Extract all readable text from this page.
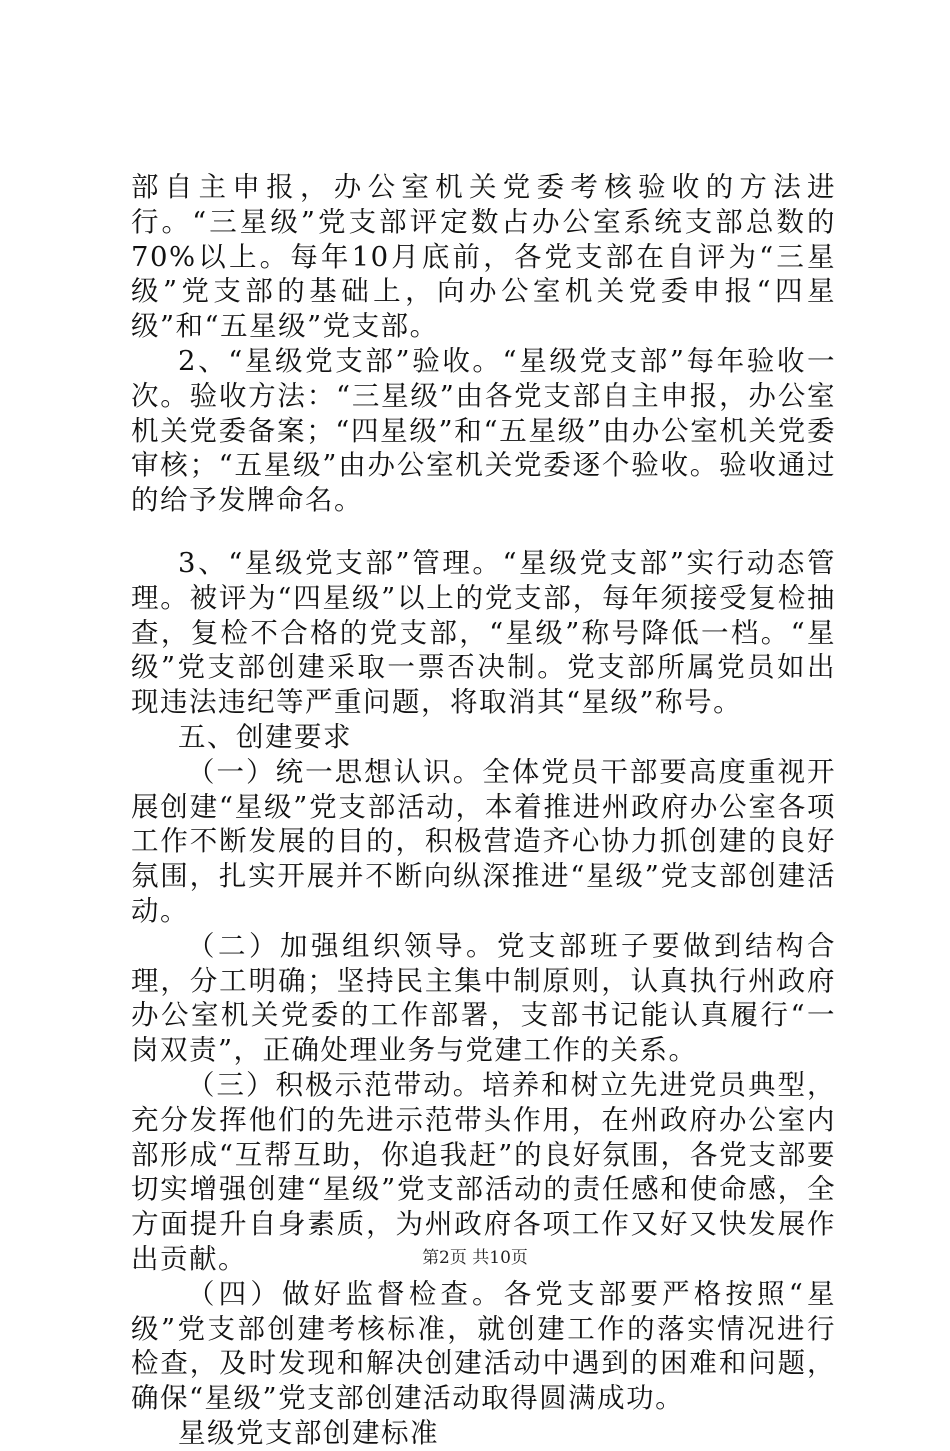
部自主申报，办公室机关党委考核验收的方法进行。“三星级”党支部评定数占办公室系统支部总数的70%以上。每年10月底前，各党支部在自评为“三星级”党支部的基础上，向办公室机关党委申报“四星级”和“五星级”党支部。

2、“星级党支部”验收。“星级党支部”每年验收一次。验收方法：“三星级”由各党支部自主申报，办公室机关党委备案；“四星级”和“五星级”由办公室机关党委审核；“五星级”由办公室机关党委逐个验收。验收通过的给予发牌命名。

3、“星级党支部”管理。“星级党支部”实行动态管理。被评为“四星级”以上的党支部，每年须接受复检抽查，复检不合格的党支部，“星级”称号降低一档。“星级”党支部创建采取一票否决制。党支部所属党员如出现违法违纪等严重问题，将取消其“星级”称号。

五、创建要求

（一）统一思想认识。全体党员干部要高度重视开展创建“星级”党支部活动，本着推进州政府办公室各项工作不断发展的目的，积极营造齐心协力抓创建的良好氛围，扎实开展并不断向纵深推进“星级”党支部创建活动。

（二）加强组织领导。党支部班子要做到结构合理，分工明确；坚持民主集中制原则，认真执行州政府办公室机关党委的工作部署，支部书记能认真履行“一岗双责”，正确处理业务与党建工作的关系。

（三）积极示范带动。培养和树立先进党员典型，充分发挥他们的先进示范带头作用，在州政府办公室内部形成“互帮互助，你追我赶”的良好氛围，各党支部要切实增强创建“星级”党支部活动的责任感和使命感，全方面提升自身素质，为州政府各项工作又好又快发展作出贡献。

（四）做好监督检查。各党支部要严格按照“星级”党支部创建考核标准，就创建工作的落实情况进行检查，及时发现和解决创建活动中遇到的困难和问题，确保“星级”党支部创建活动取得圆满成功。

星级党支部创建标准

第2页 共10页
